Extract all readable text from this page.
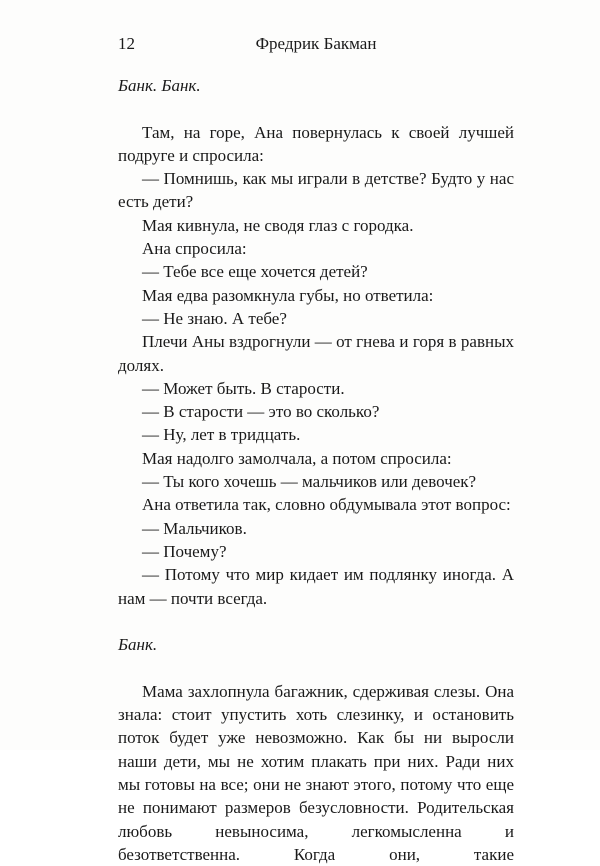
12	Фредрик Бакман

Банк. Банк.

Там, на горе, Ана повернулась к своей лучшей подруге и спросила:

— Помнишь, как мы играли в детстве? Будто у нас есть дети?

Мая кивнула, не сводя глаз с городка.

Ана спросила:

— Тебе все еще хочется детей?

Мая едва разомкнула губы, но ответила:

— Не знаю. А тебе?

Плечи Аны вздрогнули — от гнева и горя в равных долях.

— Может быть. В старости.

— В старости — это во сколько?

— Ну, лет в тридцать.

Мая надолго замолчала, а потом спросила:

— Ты кого хочешь — мальчиков или девочек?

Ана ответила так, словно обдумывала этот вопрос:

— Мальчиков.

— Почему?

— Потому что мир кидает им подлянку иногда. А нам — почти всегда.

Банк.

Мама захлопнула багажник, сдерживая слезы. Она знала: стоит упустить хоть слезинку, и остановить поток будет уже невозможно. Как бы ни выросли наши дети, мы не хотим плакать при них. Ради них мы готовы на все; они не знают этого, потому что еще не понимают размеров безусловности. Родительская любовь невыносима, легкомысленна и безответственна. Когда они, такие
